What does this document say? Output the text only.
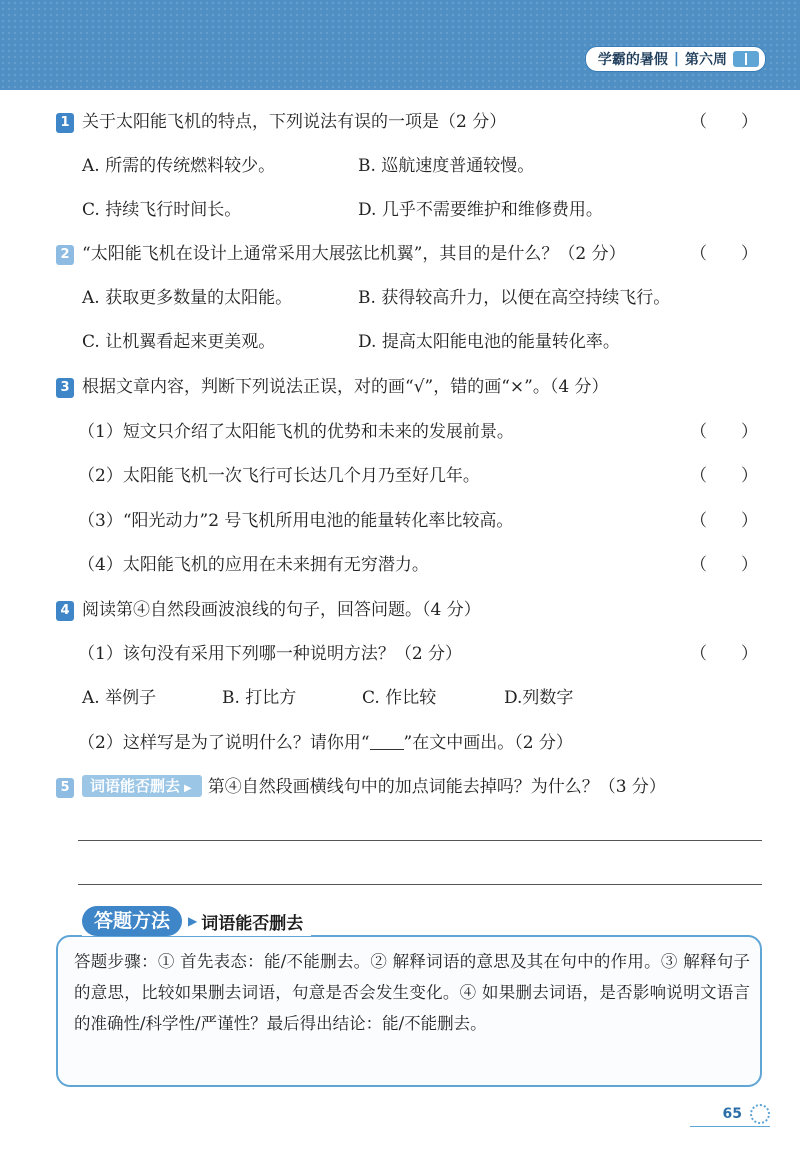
学霸的暑假 | 第六周
1 关于太阳能飞机的特点，下列说法有误的一项是（2 分）	（　　）
A. 所需的传统燃料较少。	B. 巡航速度普通较慢。
C. 持续飞行时间长。	D. 几乎不需要维护和维修费用。
2 “太阳能飞机在设计上通常采用大展弦比机翼”，其目的是什么？（2 分）	（　　）
A. 获取更多数量的太阳能。	B. 获得较高升力，以便在高空持续飞行。
C. 让机翼看起来更美观。	D. 提高太阳能电池的能量转化率。
3 根据文章内容，判断下列说法正误，对的画“√”，错的画“×”。（4 分）
（1）短文只介绍了太阳能飞机的优势和未来的发展前景。	（　　）
（2）太阳能飞机一次飞行可长达几个月乃至好几年。	（　　）
（3）“阳光动力”2 号飞机所用电池的能量转化率比较高。	（　　）
（4）太阳能飞机的应用在未来拥有无穷潜力。	（　　）
4 阅读第④自然段画波浪线的句子，回答问题。（4 分）
（1）该句没有采用下列哪一种说明方法？（2 分）	（　　）
A. 举例子	B. 打比方	C. 作比较	D.列数字
（2）这样写是为了说明什么？请你用“ ”在文中画出。（2 分）
5 词语能否删去 ▶ 第④自然段画横线句中的加点词能去掉吗？为什么？（3 分）
答题方法	▶ 词语能否删去
答题步骤：① 首先表态：能/不能删去。② 解释词语的意思及其在句中的作用。③ 解释句子的意思，比较如果删去词语，句意是否会发生变化。④ 如果删去词语，是否影响说明文语言的准确性/科学性/严谨性？最后得出结论：能/不能删去。
65
